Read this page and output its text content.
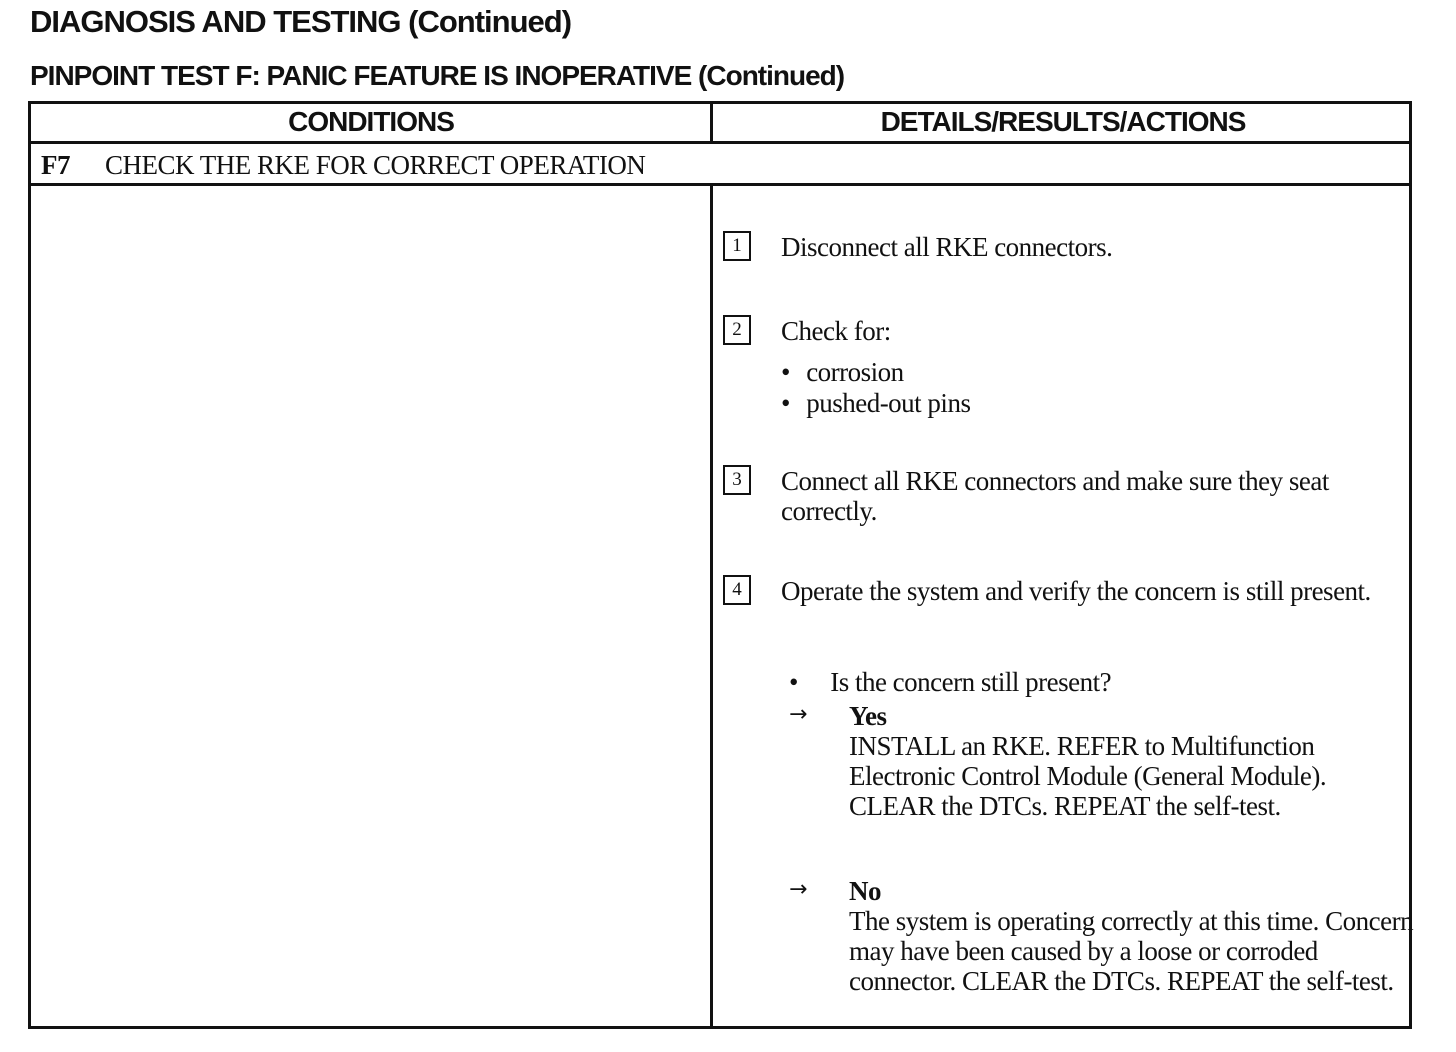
DIAGNOSIS AND TESTING (Continued)
PINPOINT TEST F: PANIC FEATURE IS INOPERATIVE (Continued)
CONDITIONS	DETAILS/RESULTS/ACTIONS
F7 CHECK THE RKE FOR CORRECT OPERATION
1	Disconnect all RKE connectors.
2	Check for:
• corrosion
• pushed-out pins
3	Connect all RKE connectors and make sure they seat correctly.
4	Operate the system and verify the concern is still present.
• Is the concern still present?
→ Yes
INSTALL an RKE. REFER to Multifunction Electronic Control Module (General Module). CLEAR the DTCs. REPEAT the self-test.
→ No
The system is operating correctly at this time. Concern may have been caused by a loose or corroded connector. CLEAR the DTCs. REPEAT the self-test.
